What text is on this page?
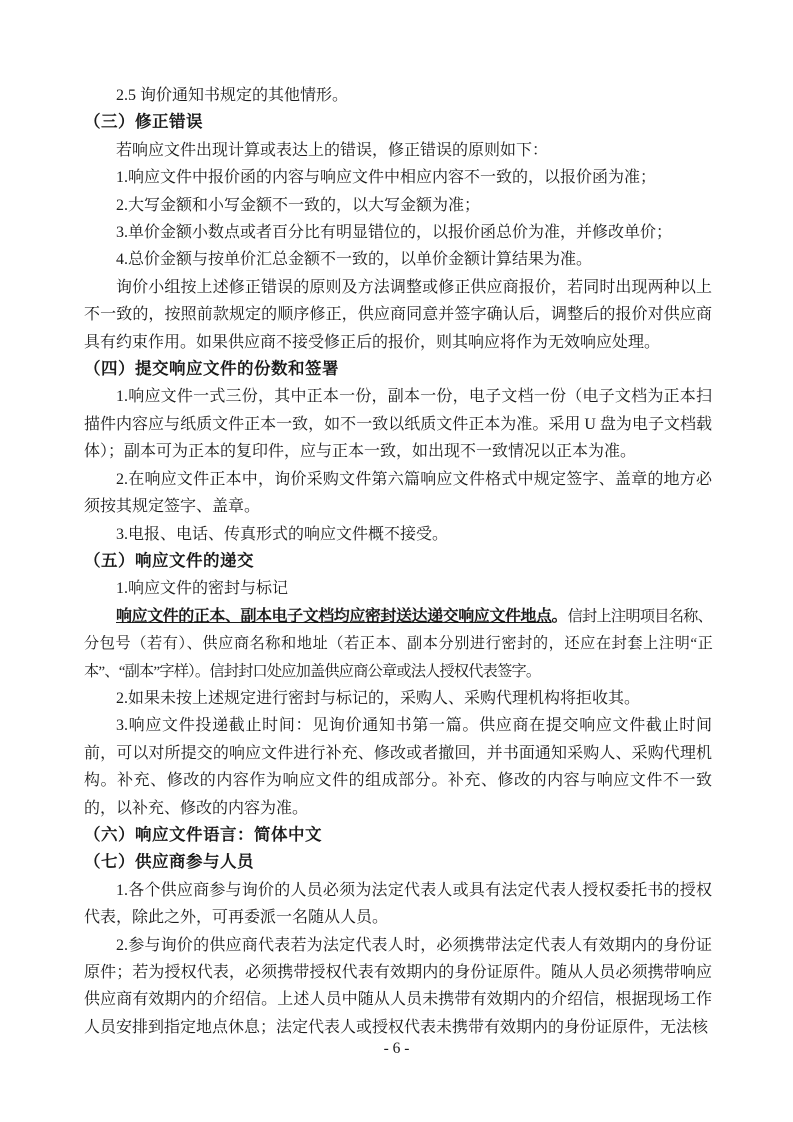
2.5 询价通知书规定的其他情形。

（三）修正错误

若响应文件出现计算或表达上的错误，修正错误的原则如下：

1.响应文件中报价函的内容与响应文件中相应内容不一致的，以报价函为准；

2.大写金额和小写金额不一致的，以大写金额为准；

3.单价金额小数点或者百分比有明显错位的，以报价函总价为准，并修改单价；

4.总价金额与按单价汇总金额不一致的，以单价金额计算结果为准。

询价小组按上述修正错误的原则及方法调整或修正供应商报价，若同时出现两种以上不一致的，按照前款规定的顺序修正，供应商同意并签字确认后，调整后的报价对供应商具有约束作用。如果供应商不接受修正后的报价，则其响应将作为无效响应处理。

（四）提交响应文件的份数和签署

1.响应文件一式三份，其中正本一份，副本一份，电子文档一份（电子文档为正本扫描件内容应与纸质文件正本一致，如不一致以纸质文件正本为准。采用 U 盘为电子文档载体）；副本可为正本的复印件，应与正本一致，如出现不一致情况以正本为准。

2.在响应文件正本中，询价采购文件第六篇响应文件格式中规定签字、盖章的地方必须按其规定签字、盖章。

3.电报、电话、传真形式的响应文件概不接受。

（五）响应文件的递交

1.响应文件的密封与标记

响应文件的正本、副本电子文档均应密封送达递交响应文件地点。信封上注明项目名称、分包号（若有）、供应商名称和地址（若正本、副本分别进行密封的，还应在封套上注明“正本”、“副本”字样）。信封封口处应加盖供应商公章或法人授权代表签字。

2.如果未按上述规定进行密封与标记的，采购人、采购代理机构将拒收其。

3.响应文件投递截止时间：见询价通知书第一篇。供应商在提交响应文件截止时间前，可以对所提交的响应文件进行补充、修改或者撤回，并书面通知采购人、采购代理机构。补充、修改的内容作为响应文件的组成部分。补充、修改的内容与响应文件不一致的，以补充、修改的内容为准。

（六）响应文件语言：简体中文

（七）供应商参与人员

1.各个供应商参与询价的人员必须为法定代表人或具有法定代表人授权委托书的授权代表，除此之外，可再委派一名随从人员。

2.参与询价的供应商代表若为法定代表人时，必须携带法定代表人有效期内的身份证原件；若为授权代表，必须携带授权代表有效期内的身份证原件。随从人员必须携带响应供应商有效期内的介绍信。上述人员中随从人员未携带有效期内的介绍信，根据现场工作人员安排到指定地点休息；法定代表人或授权代表未携带有效期内的身份证原件，无法核

- 6 -
